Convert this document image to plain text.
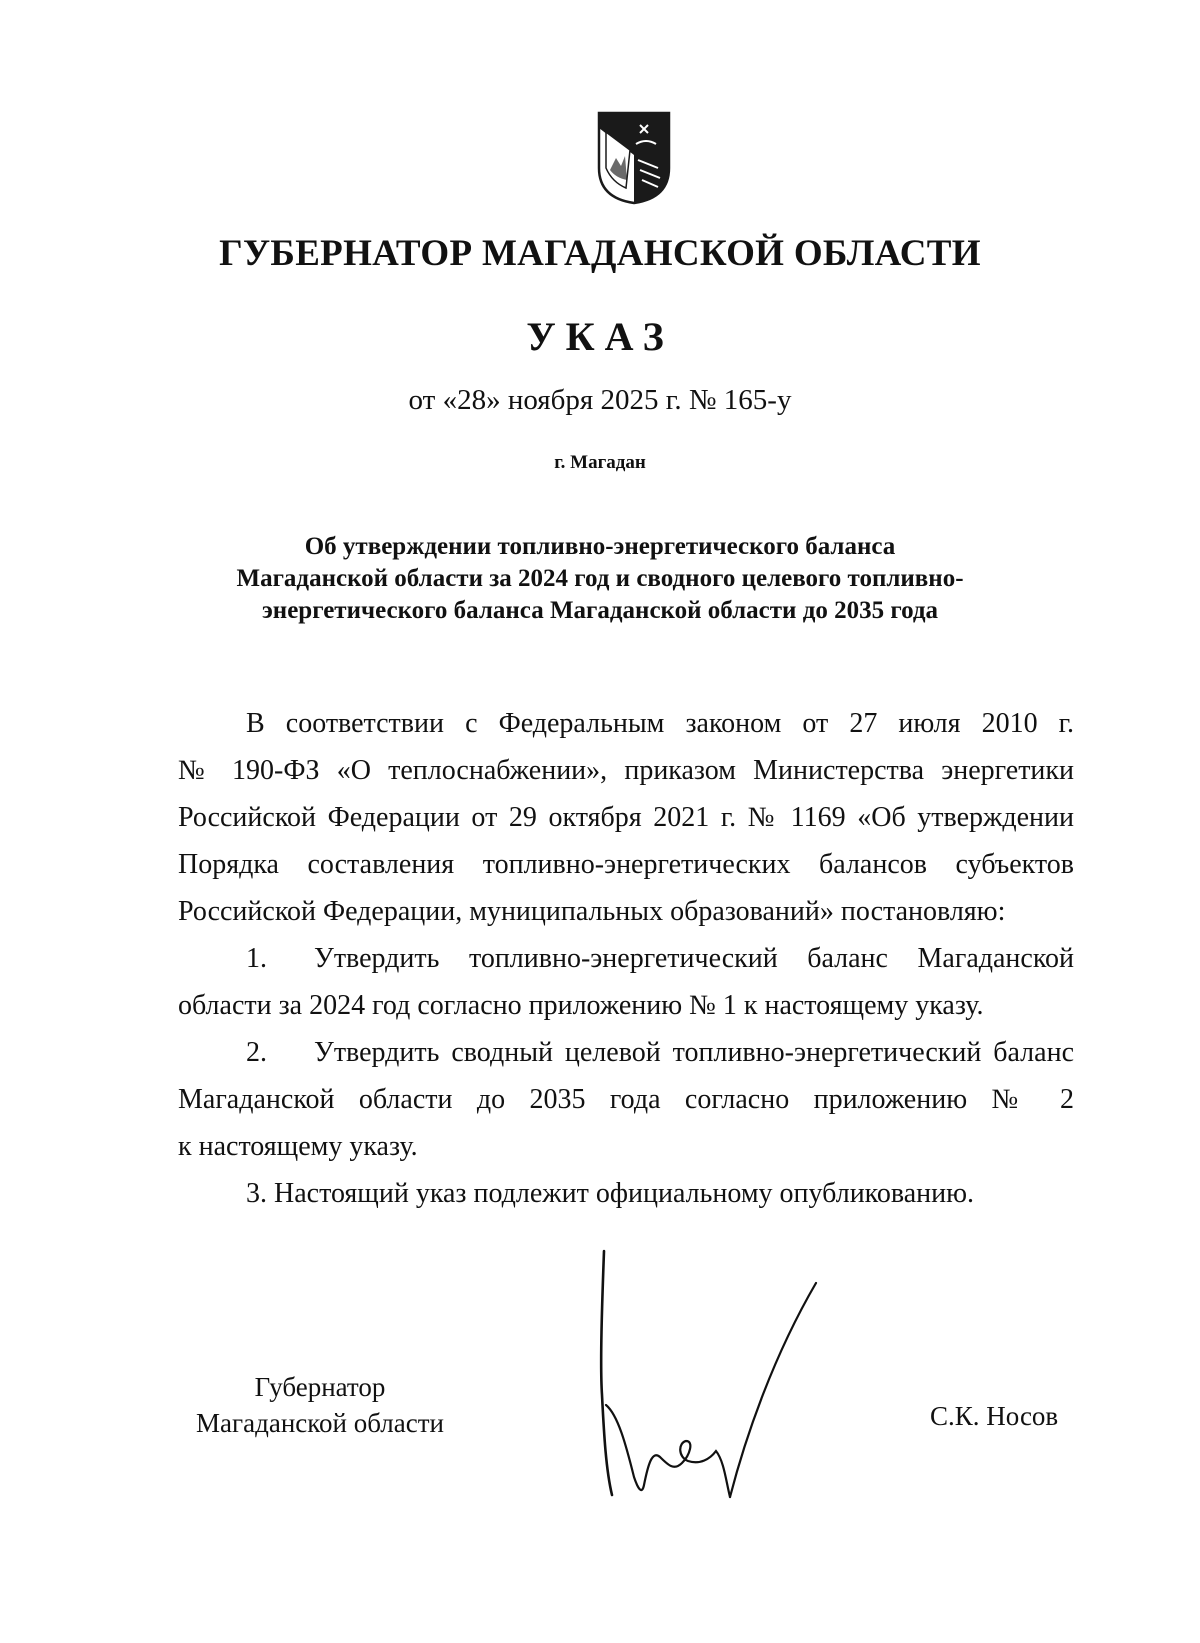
ГУБЕРНАТОР МАГАДАНСКОЙ ОБЛАСТИ
УКАЗ
от «28» ноября 2025 г. № 165-у
г. Магадан
Об утверждении топливно-энергетического баланса
Магаданской области за 2024 год и сводного целевого топливно-
энергетического баланса Магаданской области до 2035 года
В соответствии с Федеральным законом от 27 июля 2010 г.
№ 190-ФЗ «О теплоснабжении», приказом Министерства энергетики
Российской Федерации от 29 октября 2021 г. № 1169 «Об утверждении
Порядка составления топливно-энергетических балансов субъектов
Российской Федерации, муниципальных образований» постановляю:
1. Утвердить топливно-энергетический баланс Магаданской
области за 2024 год согласно приложению № 1 к настоящему указу.
2. Утвердить сводный целевой топливно-энергетический баланс
Магаданской области до 2035 года согласно приложению № 2
к настоящему указу.
3. Настоящий указ подлежит официальному опубликованию.
Губернатор
Магаданской области	С.К. Носов
